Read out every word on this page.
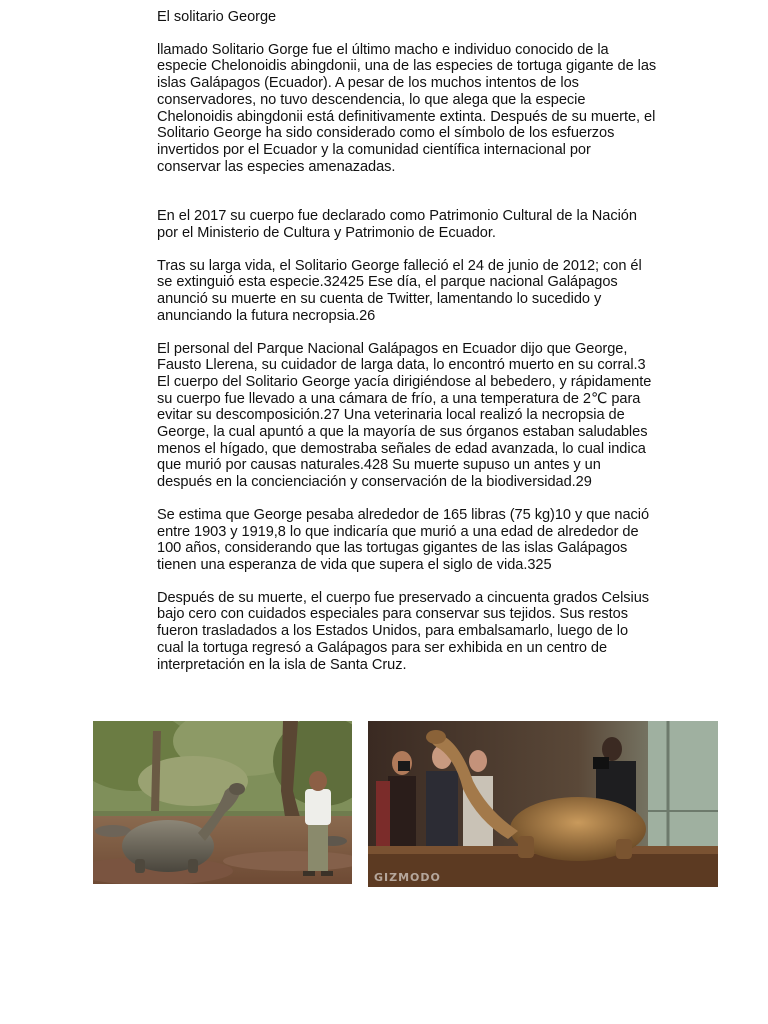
El solitario George

llamado Solitario Gorge fue el último macho e individuo conocido de la especie Chelonoidis abingdonii, una de las especies de tortuga gigante de las islas Galápagos (Ecuador). A pesar de los muchos intentos de los conservadores, no tuvo descendencia, lo que alega que la especie Chelonoidis abingdonii está definitivamente extinta. Después de su muerte, el Solitario George ha sido considerado como el símbolo de los esfuerzos invertidos por el Ecuador y la comunidad científica internacional por conservar las especies amenazadas.

En el 2017 su cuerpo fue declarado como Patrimonio Cultural de la Nación por el Ministerio de Cultura y Patrimonio de Ecuador.

Tras su larga vida, el Solitario George falleció el 24 de junio de 2012; con él se extinguió esta especie.32425 Ese día, el parque nacional Galápagos anunció su muerte en su cuenta de Twitter, lamentando lo sucedido y anunciando la futura necropsia.26

El personal del Parque Nacional Galápagos en Ecuador dijo que George, Fausto Llerena, su cuidador de larga data, lo encontró muerto en su corral.3 El cuerpo del Solitario George yacía dirigiéndose al bebedero, y rápidamente su cuerpo fue llevado a una cámara de frío, a una temperatura de 2℃ para evitar su descomposición.27 Una veterinaria local realizó la necropsia de George, la cual apuntó a que la mayoría de sus órganos estaban saludables menos el hígado, que demostraba señales de edad avanzada, lo cual indica que murió por causas naturales.428 Su muerte supuso un antes y un después en la concienciación y conservación de la biodiversidad.29

Se estima que George pesaba alrededor de 165 libras (75 kg)10 y que nació entre 1903 y 1919,8 lo que indicaría que murió a una edad de alrededor de 100 años, considerando que las tortugas gigantes de las islas Galápagos tienen una esperanza de vida que supera el siglo de vida.325

Después de su muerte, el cuerpo fue preservado a cincuenta grados Celsius bajo cero con cuidados especiales para conservar sus tejidos. Sus restos fueron trasladados a los Estados Unidos, para embalsamarlo, luego de lo cual la tortuga regresó a Galápagos para ser exhibida en un centro de interpretación en la isla de Santa Cruz.

GIZMODO
